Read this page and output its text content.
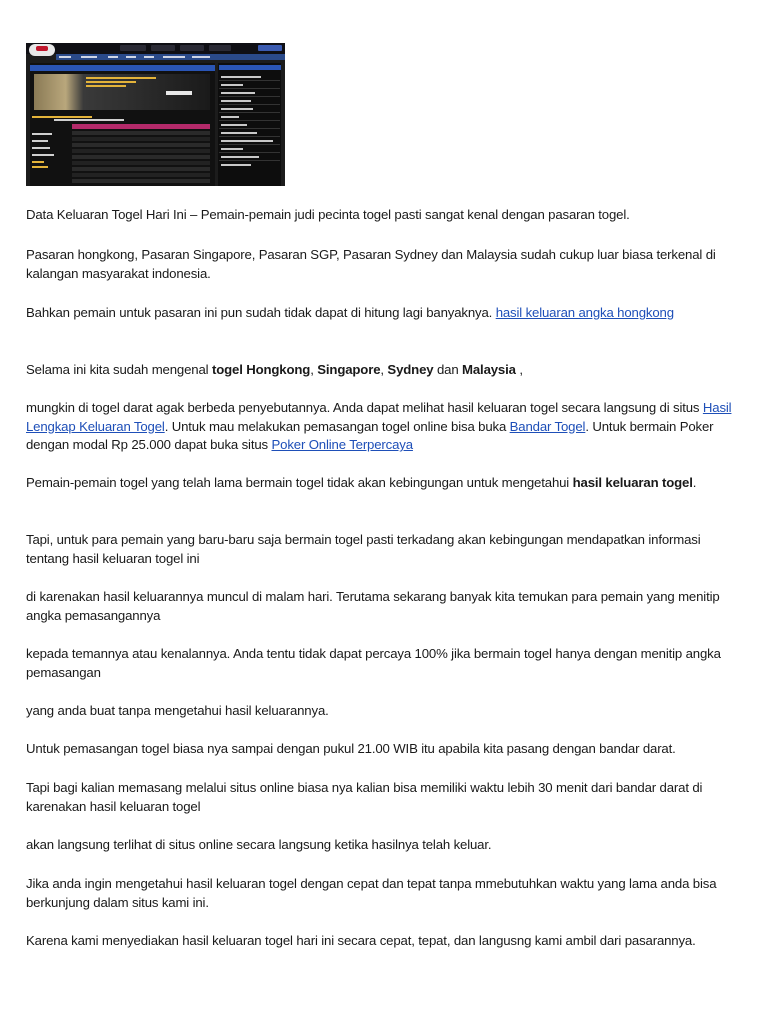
Data Keluaran Togel Hari Ini – Pemain-pemain judi pecinta togel pasti sangat kenal dengan pasaran togel.

Pasaran hongkong, Pasaran Singapore, Pasaran SGP, Pasaran Sydney dan Malaysia sudah cukup luar biasa terkenal di kalangan masyarakat indonesia.

Bahkan pemain untuk pasaran ini pun sudah tidak dapat di hitung lagi banyaknya. hasil keluaran angka hongkong

Selama ini kita sudah mengenal togel Hongkong, Singapore, Sydney dan Malaysia ,

mungkin di togel darat agak berbeda penyebutannya. Anda dapat melihat hasil keluaran togel secara langsung di situs Hasil Lengkap Keluaran Togel. Untuk mau melakukan pemasangan togel online bisa buka Bandar Togel. Untuk bermain Poker dengan modal Rp 25.000 dapat buka situs Poker Online Terpercaya

Pemain-pemain togel yang telah lama bermain togel tidak akan kebingungan untuk mengetahui hasil keluaran togel.

Tapi, untuk para pemain yang baru-baru saja bermain togel pasti terkadang akan kebingungan mendapatkan informasi tentang hasil keluaran togel ini

di karenakan hasil keluarannya muncul di malam hari. Terutama sekarang banyak kita temukan para pemain yang menitip angka pemasangannya

kepada temannya atau kenalannya. Anda tentu tidak dapat percaya 100% jika bermain togel hanya dengan menitip angka pemasangan

yang anda buat tanpa mengetahui hasil keluarannya.

Untuk pemasangan togel biasa nya sampai dengan pukul 21.00 WIB itu apabila kita pasang dengan bandar darat.

Tapi bagi kalian memasang melalui situs online biasa nya kalian bisa memiliki waktu lebih 30 menit dari bandar darat di karenakan hasil keluaran togel

akan langsung terlihat di situs online secara langsung ketika hasilnya telah keluar.

Jika anda ingin mengetahui hasil keluaran togel dengan cepat dan tepat tanpa mmebutuhkan waktu yang lama anda bisa berkunjung dalam situs kami ini.

Karena kami menyediakan hasil keluaran togel hari ini secara cepat, tepat, dan langusng kami ambil dari pasarannya.
